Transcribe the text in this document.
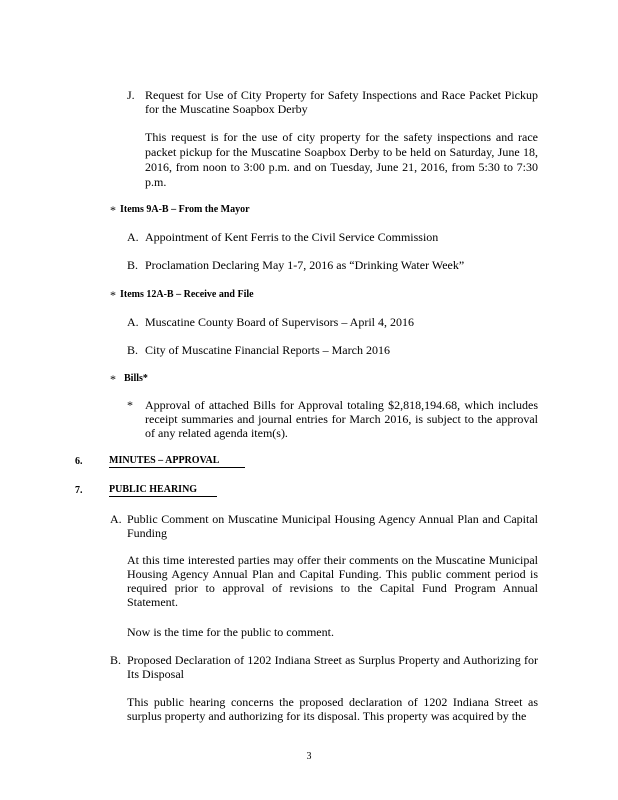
J. Request for Use of City Property for Safety Inspections and Race Packet Pickup for the Muscatine Soapbox Derby
This request is for the use of city property for the safety inspections and race packet pickup for the Muscatine Soapbox Derby to be held on Saturday, June 18, 2016, from noon to 3:00 p.m. and on Tuesday, June 21, 2016, from 5:30 to 7:30 p.m.
* Items 9A-B – From the Mayor
A. Appointment of Kent Ferris to the Civil Service Commission
B. Proclamation Declaring May 1-7, 2016 as “Drinking Water Week”
* Items 12A-B – Receive and File
A. Muscatine County Board of Supervisors – April 4, 2016
B. City of Muscatine Financial Reports – March 2016
* Bills*
* Approval of attached Bills for Approval totaling $2,818,194.68, which includes receipt summaries and journal entries for March 2016, is subject to the approval of any related agenda item(s).
6.	MINUTES – APPROVAL
7.	PUBLIC HEARING
A. Public Comment on Muscatine Municipal Housing Agency Annual Plan and Capital Funding
At this time interested parties may offer their comments on the Muscatine Municipal Housing Agency Annual Plan and Capital Funding. This public comment period is required prior to approval of revisions to the Capital Fund Program Annual Statement.
Now is the time for the public to comment.
B. Proposed Declaration of 1202 Indiana Street as Surplus Property and Authorizing for Its Disposal
This public hearing concerns the proposed declaration of 1202 Indiana Street as surplus property and authorizing for its disposal. This property was acquired by the
3
